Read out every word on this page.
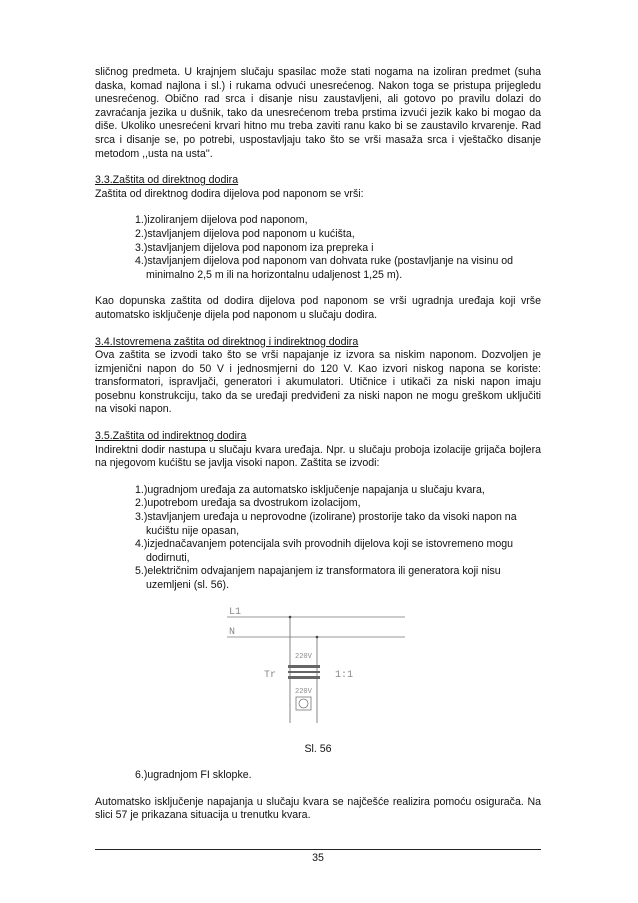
sličnog predmeta. U krajnjem slučaju spasilac može stati nogama na izoliran predmet (suha daska, komad najlona i sl.) i rukama odvući unesrećenog. Nakon toga se pristupa prijegledu unesrećenog. Obično rad srca i disanje nisu zaustavljeni, ali gotovo po pravilu dolazi do zavraćanja jezika u dušnik, tako da unesrećenom treba prstima izvući jezik kako bi mogao da diše. Ukoliko unesrećeni krvari hitno mu treba zaviti ranu kako bi se zaustavilo krvarenje. Rad srca i disanje se, po potrebi, uspostavljaju tako što se vrši masaža srca i vještačko disanje metodom ,,usta na usta''.

3.3.Zaštita od direktnog dodira

Zaštita od direktnog dodira dijelova pod naponom se vrši:

1.)izoliranjem dijelova pod naponom,
2.)stavljanjem dijelova pod naponom u kućišta,
3.)stavljanjem dijelova pod naponom iza prepreka i
4.)stavljanjem dijelova pod naponom van dohvata ruke (postavljanje na visinu od minimalno 2,5 m ili na horizontalnu udaljenost 1,25 m).

Kao dopunska zaštita od dodira dijelova pod naponom se vrši ugradnja uređaja koji vrše automatsko isključenje dijela pod naponom u slučaju dodira.

3.4.Istovremena zaštita od direktnog i indirektnog dodira

Ova zaštita se izvodi tako što se vrši napajanje iz izvora sa niskim naponom. Dozvoljen je izmjenični napon do 50 V i jednosmjerni do 120 V. Kao izvori niskog napona se koriste: transformatori, ispravljači, generatori i akumulatori. Utičnice i utikači za niski napon imaju posebnu konstrukciju, tako da se uređaji predviđeni za niski napon ne mogu greškom uključiti na visoki napon.

3.5.Zaštita od indirektnog dodira

Indirektni dodir nastupa u slučaju kvara uređaja. Npr. u slučaju proboja izolacije grijača bojlera na njegovom kućištu se javlja visoki napon. Zaštita se izvodi:

1.)ugradnjom uređaja za automatsko isključenje napajanja u slučaju kvara,
2.)upotrebom uređaja sa dvostrukom izolacijom,
3.)stavljanjem uređaja u neprovodne (izolirane) prostorije tako da visoki napon na kućištu nije opasan,
4.)izjednačavanjem potencijala svih provodnih dijelova koji se istovremeno mogu dodirnuti,
5.)električnim odvajanjem napajanjem iz transformatora ili generatora koji nisu uzemljeni (sl. 56).
L1
N
220V
Tr	1:1
220V

Sl. 56

6.)ugradnjom FI sklopke.

Automatsko isključenje napajanja u slučaju kvara se najčešće realizira pomoću osigurača. Na slici 57 je prikazana situacija u trenutku kvara.

35
